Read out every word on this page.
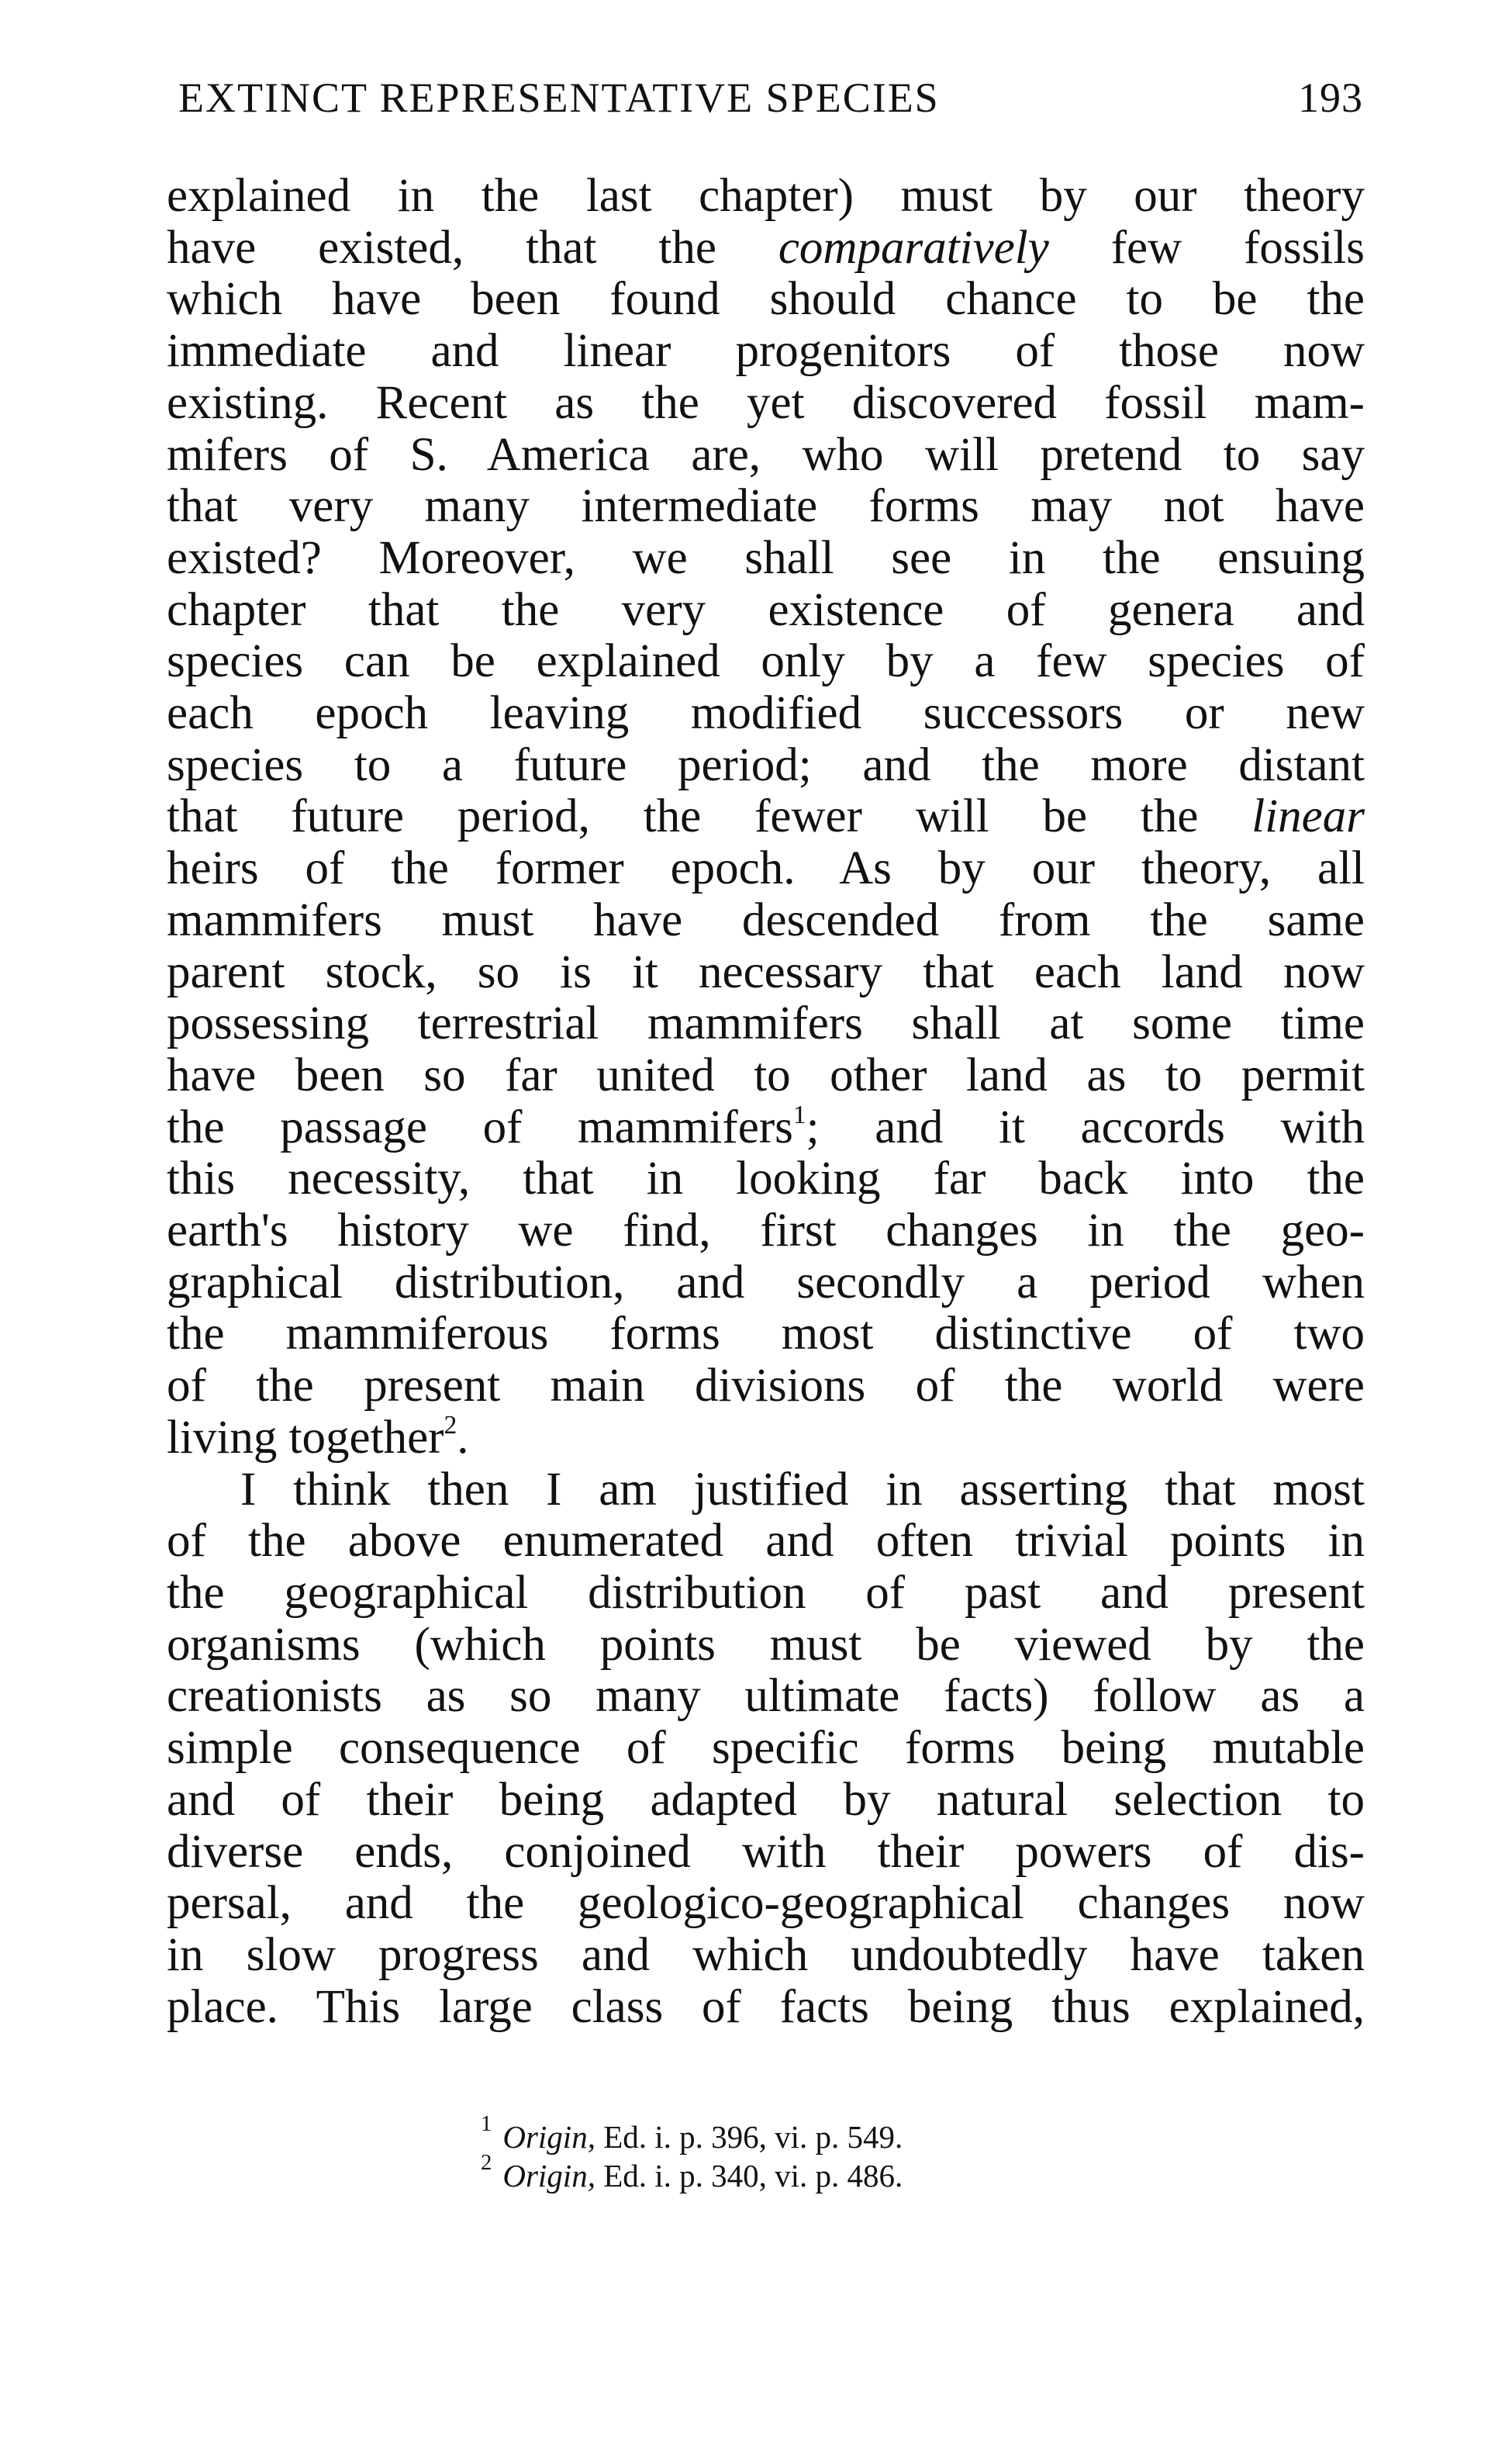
EXTINCT REPRESENTATIVE SPECIES	193

explained in the last chapter) must by our theory
have existed, that the comparatively few fossils
which have been found should chance to be the
immediate and linear progenitors of those now
existing. Recent as the yet discovered fossil mam-
mifers of S. America are, who will pretend to say
that very many intermediate forms may not have
existed? Moreover, we shall see in the ensuing
chapter that the very existence of genera and
species can be explained only by a few species of
each epoch leaving modified successors or new
species to a future period; and the more distant
that future period, the fewer will be the linear
heirs of the former epoch. As by our theory, all
mammifers must have descended from the same
parent stock, so is it necessary that each land now
possessing terrestrial mammifers shall at some time
have been so far united to other land as to permit
the passage of mammifers$^1$; and it accords with
this necessity, that in looking far back into the
earth's history we find, first changes in the geo-
graphical distribution, and secondly a period when
the mammiferous forms most distinctive of two
of the present main divisions of the world were
living together$^2$.

I think then I am justified in asserting that most
of the above enumerated and often trivial points in
the geographical distribution of past and present
organisms (which points must be viewed by the
creationists as so many ultimate facts) follow as a
simple consequence of specific forms being mutable
and of their being adapted by natural selection to
diverse ends, conjoined with their powers of dis-
persal, and the geologico-geographical changes now
in slow progress and which undoubtedly have taken
place. This large class of facts being thus explained,

$^1$ Origin, Ed. i. p. 396, vi. p. 549.
$^2$ Origin, Ed. i. p. 340, vi. p. 486.
